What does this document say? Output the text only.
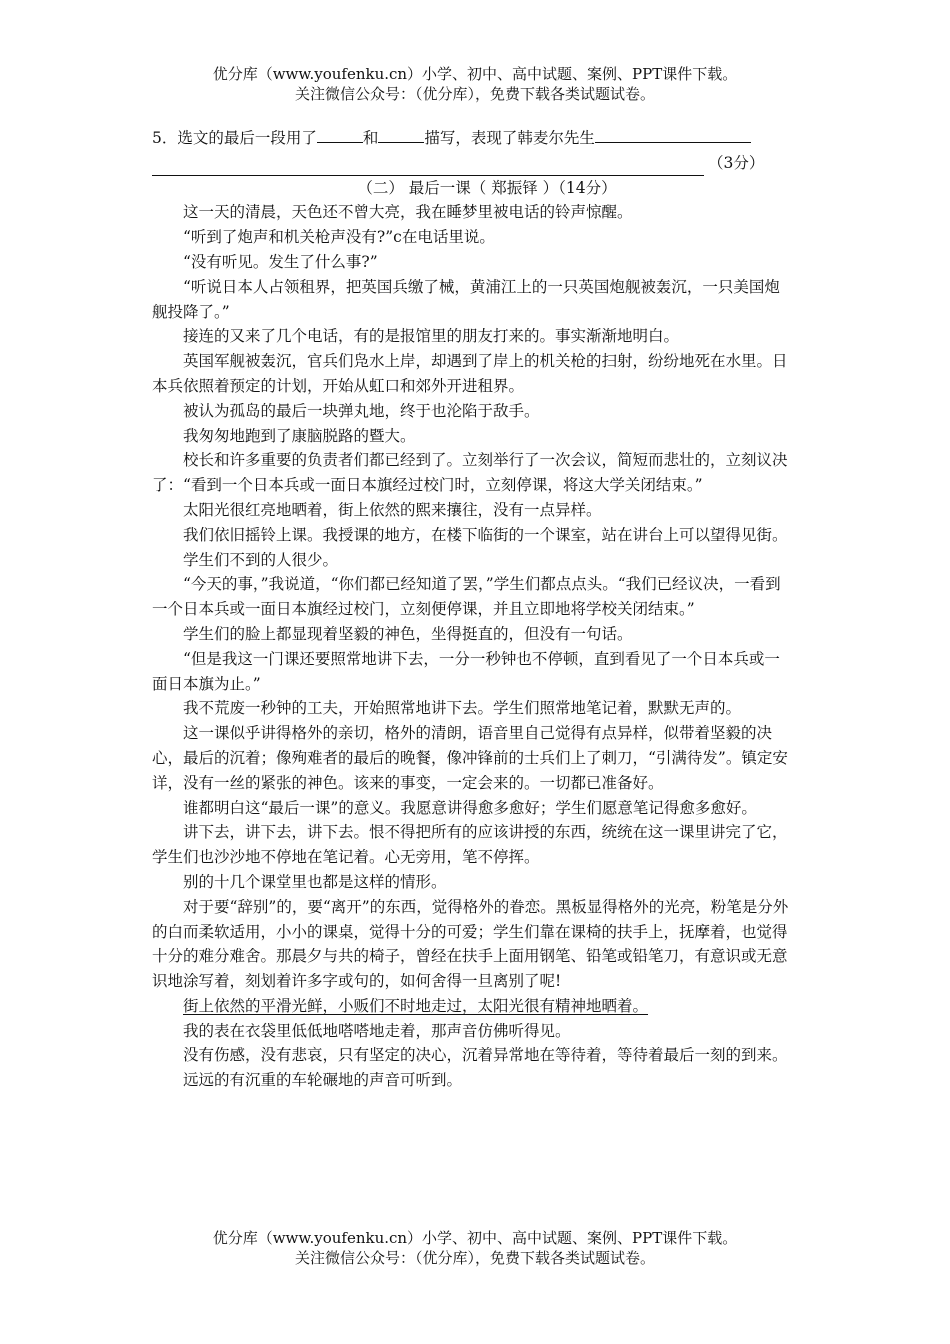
优分库（www.youfenku.cn）小学、初中、高中试题、案例、PPT课件下载。
关注微信公众号：（优分库），免费下载各类试题试卷。
5．选文的最后一段用了	和	描写，表现了韩麦尔先生
（3分）
（二） 最后一课（ 郑振铎 ）（14分）

这一天的清晨，天色还不曾大亮，我在睡梦里被电话的铃声惊醒。

“听到了炮声和机关枪声没有?”c在电话里说。

“没有听见。发生了什么事?”

“听说日本人占领租界，把英国兵缴了械，黄浦江上的一只英国炮舰被轰沉，一只美国炮舰投降了。”

接连的又来了几个电话，有的是报馆里的朋友打来的。事实渐渐地明白。

英国军舰被轰沉，官兵们凫水上岸，却遇到了岸上的机关枪的扫射，纷纷地死在水里。日本兵依照着预定的计划，开始从虹口和郊外开进租界。

被认为孤岛的最后一块弹丸地，终于也沦陷于敌手。

我匆匆地跑到了康脑脱路的暨大。

校长和许多重要的负责者们都已经到了。立刻举行了一次会议，简短而悲壮的，立刻议决了：“看到一个日本兵或一面日本旗经过校门时，立刻停课，将这大学关闭结束。”

太阳光很红亮地晒着，街上依然的熙来攘往，没有一点异样。

我们依旧摇铃上课。我授课的地方，在楼下临街的一个课室，站在讲台上可以望得见街。

学生们不到的人很少。

“今天的事，”我说道，“你们都已经知道了罢，”学生们都点点头。“我们已经议决，一看到一个日本兵或一面日本旗经过校门，立刻便停课，并且立即地将学校关闭结束。”

学生们的脸上都显现着坚毅的神色，坐得挺直的，但没有一句话。

“但是我这一门课还要照常地讲下去，一分一秒钟也不停顿，直到看见了一个日本兵或一面日本旗为止。”

我不荒废一秒钟的工夫，开始照常地讲下去。学生们照常地笔记着，默默无声的。

这一课似乎讲得格外的亲切，格外的清朗，语音里自己觉得有点异样，似带着坚毅的决心，最后的沉着；像殉难者的最后的晚餐，像冲锋前的士兵们上了刺刀，“引满待发”。镇定安详，没有一丝的紧张的神色。该来的事变，一定会来的。一切都已准备好。

谁都明白这“最后一课”的意义。我愿意讲得愈多愈好；学生们愿意笔记得愈多愈好。

讲下去，讲下去，讲下去。恨不得把所有的应该讲授的东西，统统在这一课里讲完了它，学生们也沙沙地不停地在笔记着。心无旁用，笔不停挥。

别的十几个课堂里也都是这样的情形。

对于要“辞别”的，要“离开”的东西，觉得格外的眷恋。黑板显得格外的光亮，粉笔是分外的白而柔软适用，小小的课桌，觉得十分的可爱；学生们靠在课椅的扶手上，抚摩着，也觉得十分的难分难舍。那晨夕与共的椅子，曾经在扶手上面用钢笔、铅笔或铅笔刀，有意识或无意识地涂写着，刻划着许多字或句的，如何舍得一旦离别了呢!

街上依然的平滑光鲜，小贩们不时地走过，太阳光很有精神地晒着。

我的表在衣袋里低低地嗒嗒地走着，那声音仿佛听得见。

没有伤感，没有悲哀，只有坚定的决心，沉着异常地在等待着，等待着最后一刻的到来。

远远的有沉重的车轮碾地的声音可听到。

优分库（www.youfenku.cn）小学、初中、高中试题、案例、PPT课件下载。
关注微信公众号：（优分库），免费下载各类试题试卷。
